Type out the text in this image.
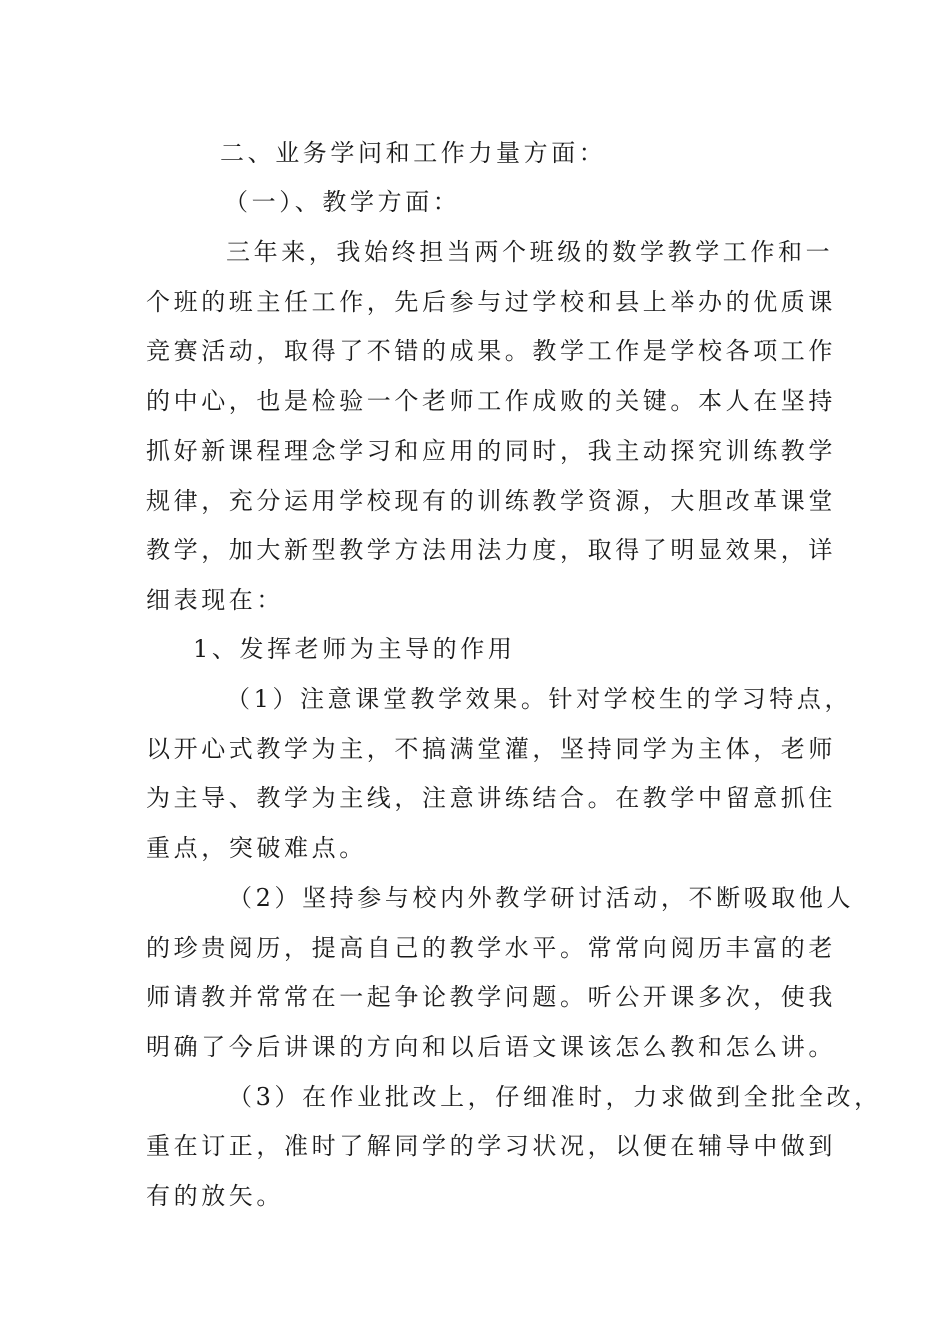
二、业务学问和工作力量方面：
（一）、教学方面：
三年来，我始终担当两个班级的数学教学工作和一
个班的班主任工作，先后参与过学校和县上举办的优质课
竞赛活动，取得了不错的成果。教学工作是学校各项工作
的中心，也是检验一个老师工作成败的关键。本人在坚持
抓好新课程理念学习和应用的同时，我主动探究训练教学
规律，充分运用学校现有的训练教学资源，大胆改革课堂
教学，加大新型教学方法用法力度，取得了明显效果，详
细表现在：
1、发挥老师为主导的作用
（1）注意课堂教学效果。针对学校生的学习特点，
以开心式教学为主，不搞满堂灌，坚持同学为主体，老师
为主导、教学为主线，注意讲练结合。在教学中留意抓住
重点，突破难点。
（2）坚持参与校内外教学研讨活动，不断吸取他人
的珍贵阅历，提高自己的教学水平。常常向阅历丰富的老
师请教并常常在一起争论教学问题。听公开课多次，使我
明确了今后讲课的方向和以后语文课该怎么教和怎么讲。
（3）在作业批改上，仔细准时，力求做到全批全改，
重在订正，准时了解同学的学习状况，以便在辅导中做到
有的放矢。
